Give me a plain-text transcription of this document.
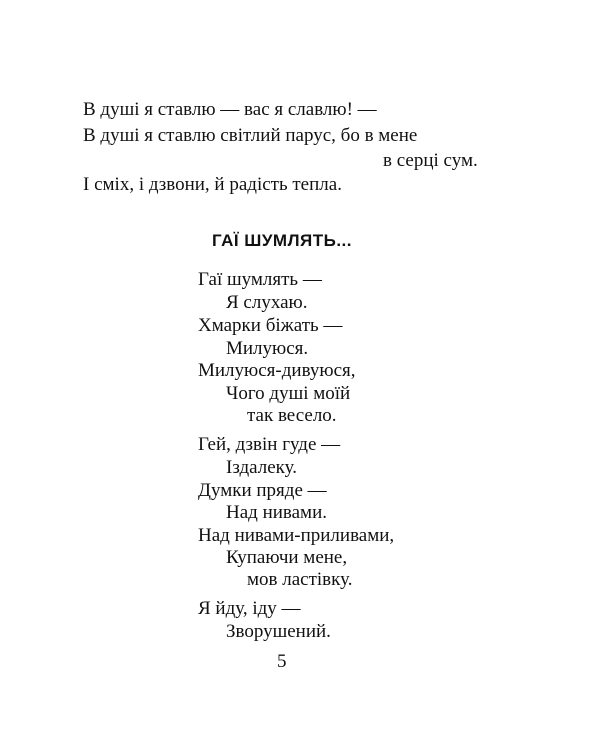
В душі я ставлю — вас я славлю! —
В душі я ставлю світлий парус, бо в мене
в серці сум.
І сміх, і дзвони, й радість тепла.
ГАЇ ШУМЛЯТЬ...
Гаї шумлять —
Я слухаю.
Хмарки біжать —
Милуюся.
Милуюся-дивуюся,
Чого душі моїй
так весело.
Гей, дзвін гуде —
Іздалеку.
Думки пряде —
Над нивами.
Над нивами-приливами,
Купаючи мене,
мов ластівку.
Я йду, іду —
Зворушений.
5
